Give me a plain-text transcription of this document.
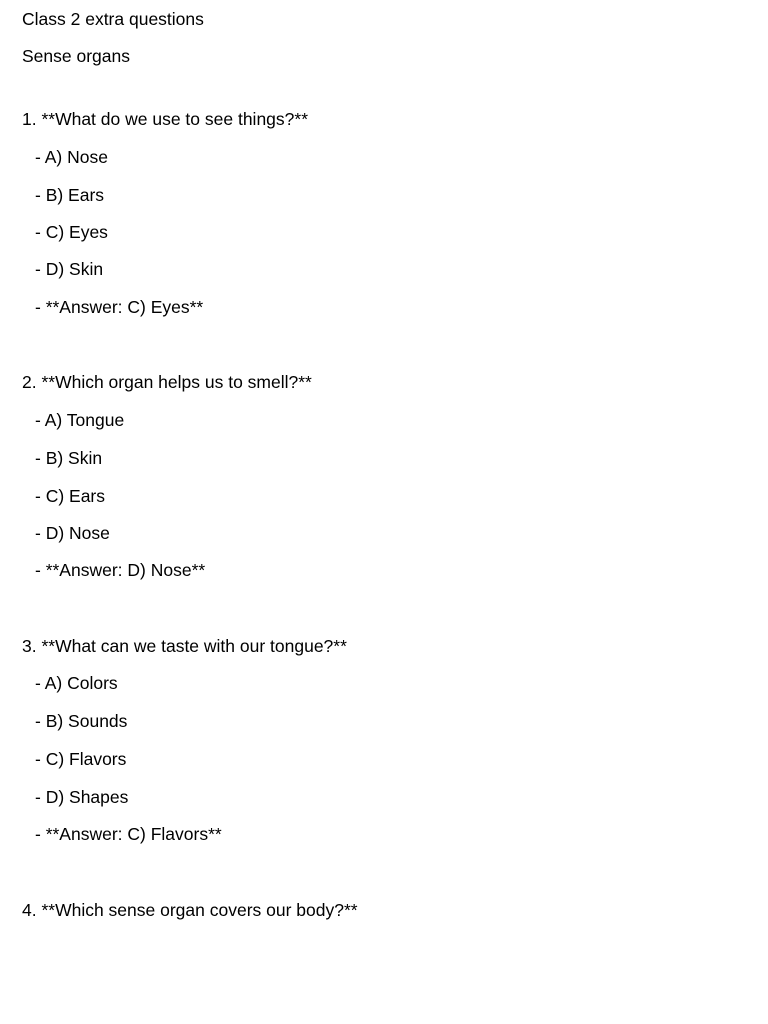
Class 2 extra questions

Sense organs

1. **What do we use to see things?**

- A) Nose

- B) Ears

- C) Eyes

- D) Skin

- **Answer: C) Eyes**

2. **Which organ helps us to smell?**

- A) Tongue

- B) Skin

- C) Ears

- D) Nose

- **Answer: D) Nose**

3. **What can we taste with our tongue?**

- A) Colors

- B) Sounds

- C) Flavors

- D) Shapes

- **Answer: C) Flavors**

4. **Which sense organ covers our body?**
